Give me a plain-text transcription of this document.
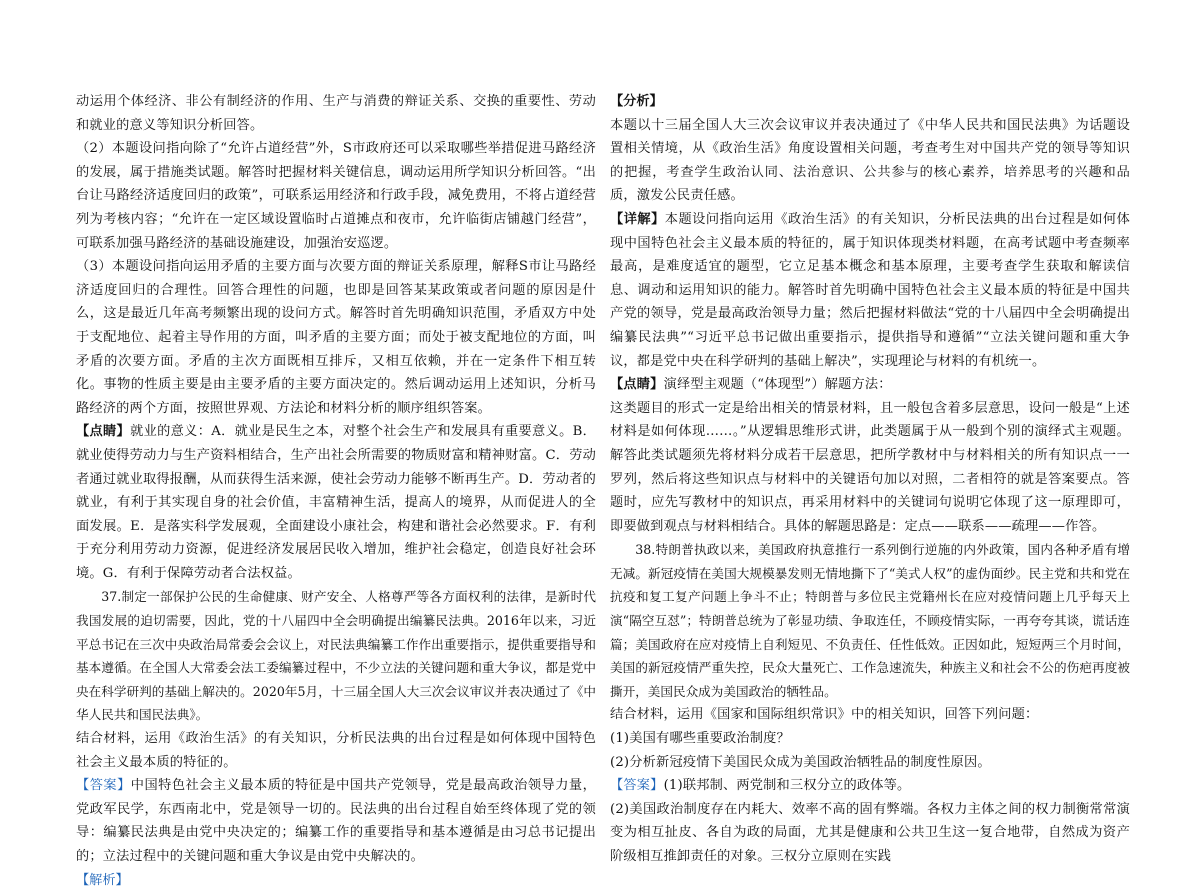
动运用个体经济、非公有制经济的作用、生产与消费的辩证关系、交换的重要性、劳动和就业的意义等知识分析回答。

（2）本题设问指向除了“允许占道经营”外，S市政府还可以采取哪些举措促进马路经济的发展，属于措施类试题。解答时把握材料关键信息，调动运用所学知识分析回答。“出台让马路经济适度回归的政策”，可联系运用经济和行政手段，减免费用，不将占道经营列为考核内容；“允许在一定区域设置临时占道摊点和夜市，允许临街店铺越门经营”，可联系加强马路经济的基础设施建设，加强治安巡逻。

（3）本题设问指向运用矛盾的主要方面与次要方面的辩证关系原理，解释S市让马路经济适度回归的合理性。回答合理性的问题，也即是回答某某政策或者问题的原因是什么，这是最近几年高考频繁出现的设问方式。解答时首先明确知识范围，矛盾双方中处于支配地位、起着主导作用的方面，叫矛盾的主要方面；而处于被支配地位的方面，叫矛盾的次要方面。矛盾的主次方面既相互排斥，又相互依赖，并在一定条件下相互转化。事物的性质主要是由主要矛盾的主要方面决定的。然后调动运用上述知识，分析马路经济的两个方面，按照世界观、方法论和材料分析的顺序组织答案。

【点睛】就业的意义：A．就业是民生之本，对整个社会生产和发展具有重要意义。B．就业使得劳动力与生产资料相结合，生产出社会所需要的物质财富和精神财富。C．劳动者通过就业取得报酬，从而获得生活来源，使社会劳动力能够不断再生产。D．劳动者的就业，有利于其实现自身的社会价值，丰富精神生活，提高人的境界，从而促进人的全面发展。E．是落实科学发展观，全面建设小康社会，构建和谐社会必然要求。F．有利于充分利用劳动力资源，促进经济发展居民收入增加，维护社会稳定，创造良好社会环境。G．有利于保障劳动者合法权益。

37.制定一部保护公民的生命健康、财产安全、人格尊严等各方面权利的法律，是新时代我国发展的迫切需要，因此，党的十八届四中全会明确提出编纂民法典。2016年以来，习近平总书记在三次中央政治局常委会会议上，对民法典编纂工作作出重要指示，提供重要指导和基本遵循。在全国人大常委会法工委编纂过程中，不少立法的关键问题和重大争议，都是党中央在科学研判的基础上解决的。2020年5月，十三届全国人大三次会议审议并表决通过了《中华人民共和国民法典》。

结合材料，运用《政治生活》的有关知识，分析民法典的出台过程是如何体现中国特色社会主义最本质的特征的。

【答案】中国特色社会主义最本质的特征是中国共产党领导，党是最高政治领导力量，党政军民学，东西南北中，党是领导一切的。民法典的出台过程自始至终体现了党的领导：编纂民法典是由党中央决定的；编纂工作的重要指导和基本遵循是由习总书记提出的；立法过程中的关键问题和重大争议是由党中央解决的。

【解析】

【分析】

本题以十三届全国人大三次会议审议并表决通过了《中华人民共和国民法典》为话题设置相关情境，从《政治生活》角度设置相关问题，考查考生对中国共产党的领导等知识的把握，考查学生政治认同、法治意识、公共参与的核心素养，培养思考的兴趣和品质，激发公民责任感。

【详解】本题设问指向运用《政治生活》的有关知识，分析民法典的出台过程是如何体现中国特色社会主义最本质的特征的，属于知识体现类材料题，在高考试题中考查频率最高，是难度适宜的题型，它立足基本概念和基本原理，主要考查学生获取和解读信息、调动和运用知识的能力。解答时首先明确中国特色社会主义最本质的特征是中国共产党的领导，党是最高政治领导力量；然后把握材料做法“党的十八届四中全会明确提出编纂民法典”“习近平总书记做出重要指示，提供指导和遵循”“立法关键问题和重大争议，都是党中央在科学研判的基础上解决”，实现理论与材料的有机统一。

【点睛】演绎型主观题（“体现型”）解题方法：

这类题目的形式一定是给出相关的情景材料，且一般包含着多层意思，设问一般是“上述材料是如何体现……。”从逻辑思维形式讲，此类题属于从一般到个别的演绎式主观题。解答此类试题须先将材料分成若干层意思，把所学教材中与材料相关的所有知识点一一罗列，然后将这些知识点与材料中的关键语句加以对照，二者相符的就是答案要点。答题时，应先写教材中的知识点，再采用材料中的关键词句说明它体现了这一原理即可，即要做到观点与材料相结合。具体的解题思路是：定点——联系——疏理——作答。

38.特朗普执政以来，美国政府执意推行一系列倒行逆施的内外政策，国内各种矛盾有增无减。新冠疫情在美国大规模暴发则无情地撕下了“美式人权”的虚伪面纱。民主党和共和党在抗疫和复工复产问题上争斗不止；特朗普与多位民主党籍州长在应对疫情问题上几乎每天上演“隔空互怼”；特朗普总统为了彰显功绩、争取连任，不顾疫情实际，一再夸夸其谈，谎话连篇；美国政府在应对疫情上自利短见、不负责任、任性低效。正因如此，短短两三个月时间，美国的新冠疫情严重失控，民众大量死亡、工作急速流失，种族主义和社会不公的伤疤再度被撕开，美国民众成为美国政治的牺牲品。

结合材料，运用《国家和国际组织常识》中的相关知识，回答下列问题：

(1)美国有哪些重要政治制度？

(2)分析新冠疫情下美国民众成为美国政治牺牲品的制度性原因。

【答案】(1)联邦制、两党制和三权分立的政体等。

(2)美国政治制度存在内耗大、效率不高的固有弊端。各权力主体之间的权力制衡常常演变为相互扯皮、各自为政的局面，尤其是健康和公共卫生这一复合地带，自然成为资产阶级相互推卸责任的对象。三权分立原则在实践
